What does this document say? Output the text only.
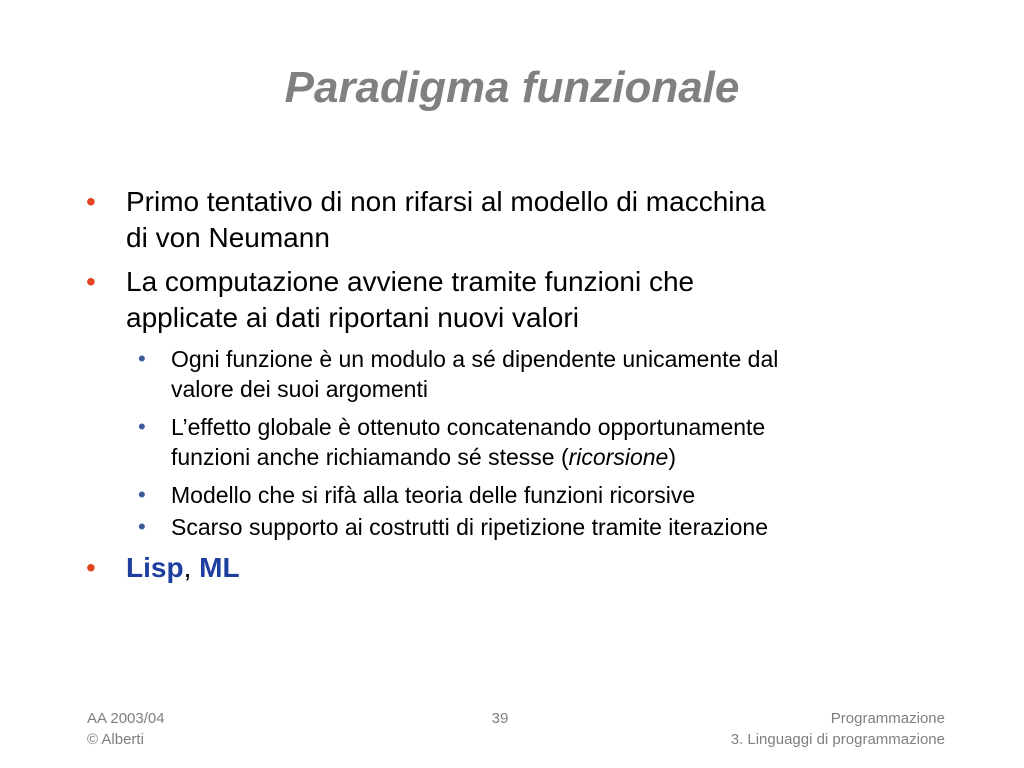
Paradigma funzionale
• Primo tentativo di non rifarsi al modello di macchina
di von Neumann
• La computazione avviene tramite funzioni che
applicate ai dati riportani nuovi valori
• Ogni funzione è un modulo a sé dipendente unicamente dal
valore dei suoi argomenti
• L’effetto globale è ottenuto concatenando opportunamente
funzioni anche richiamando sé stesse (ricorsione)
• Modello che si rifà alla teoria delle funzioni ricorsive
• Scarso supporto ai costrutti di ripetizione tramite iterazione
• Lisp, ML
AA 2003/04
© Alberti
39	Programmazione
3. Linguaggi di programmazione
